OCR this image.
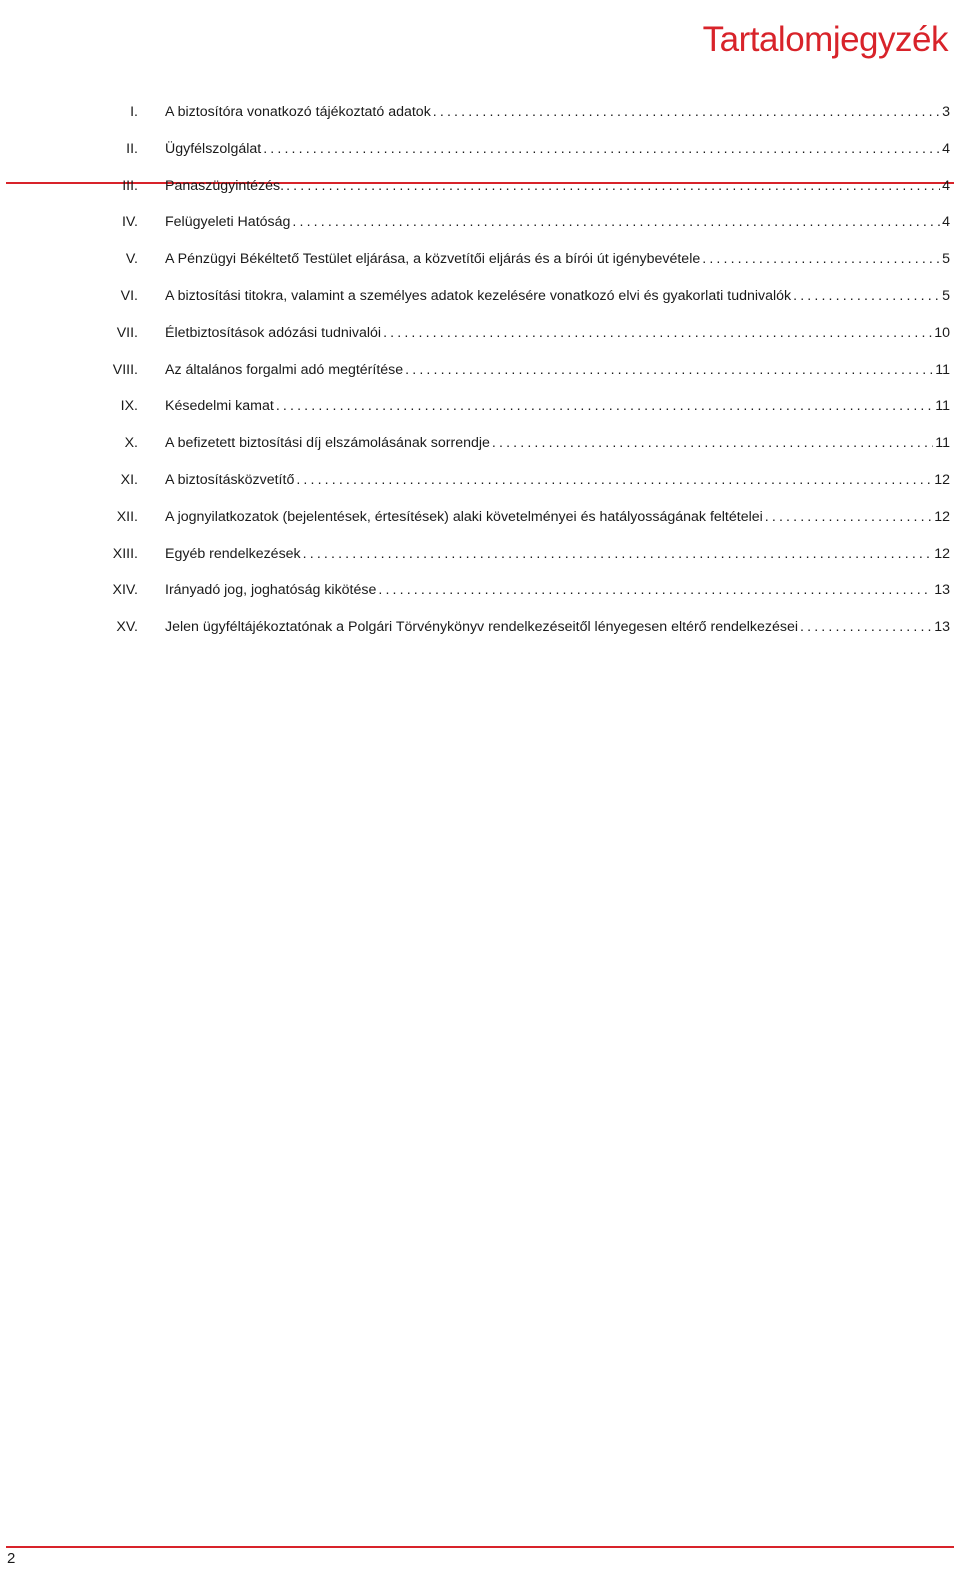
Tartalomjegyzék
I. A biztosítóra vonatkozó tájékoztató adatok . . .	3
II. Ügyfélszolgálat . . .	4
III. Panaszügyintézés. . . .	4
IV. Felügyeleti Hatóság . . .	4
V. A Pénzügyi Békéltető Testület eljárása, a közvetítői eljárás és a bírói út igénybevétele . . .	5
VI. A biztosítási titokra, valamint a személyes adatok kezelésére vonatkozó elvi és gyakorlati tudnivalók . . .	5
VII. Életbiztosítások adózási tudnivalói . . .	10
VIII. Az általános forgalmi adó megtérítése . . .	11
IX. Késedelmi kamat . . .	11
X. A befizetett biztosítási díj elszámolásának sorrendje . . .	11
XI. A biztosításközvetítő . . .	12
XII. A jognyilatkozatok (bejelentések, értesítések) alaki követelményei és hatályosságának feltételei . . .	12
XIII. Egyéb rendelkezések . . .	12
XIV. Irányadó jog, joghatóság kikötése . . .	13
XV. Jelen ügyféltájékoztatónak a Polgári Törvénykönyv rendelkezéseitől lényegesen eltérő rendelkezései . . .	13
2
